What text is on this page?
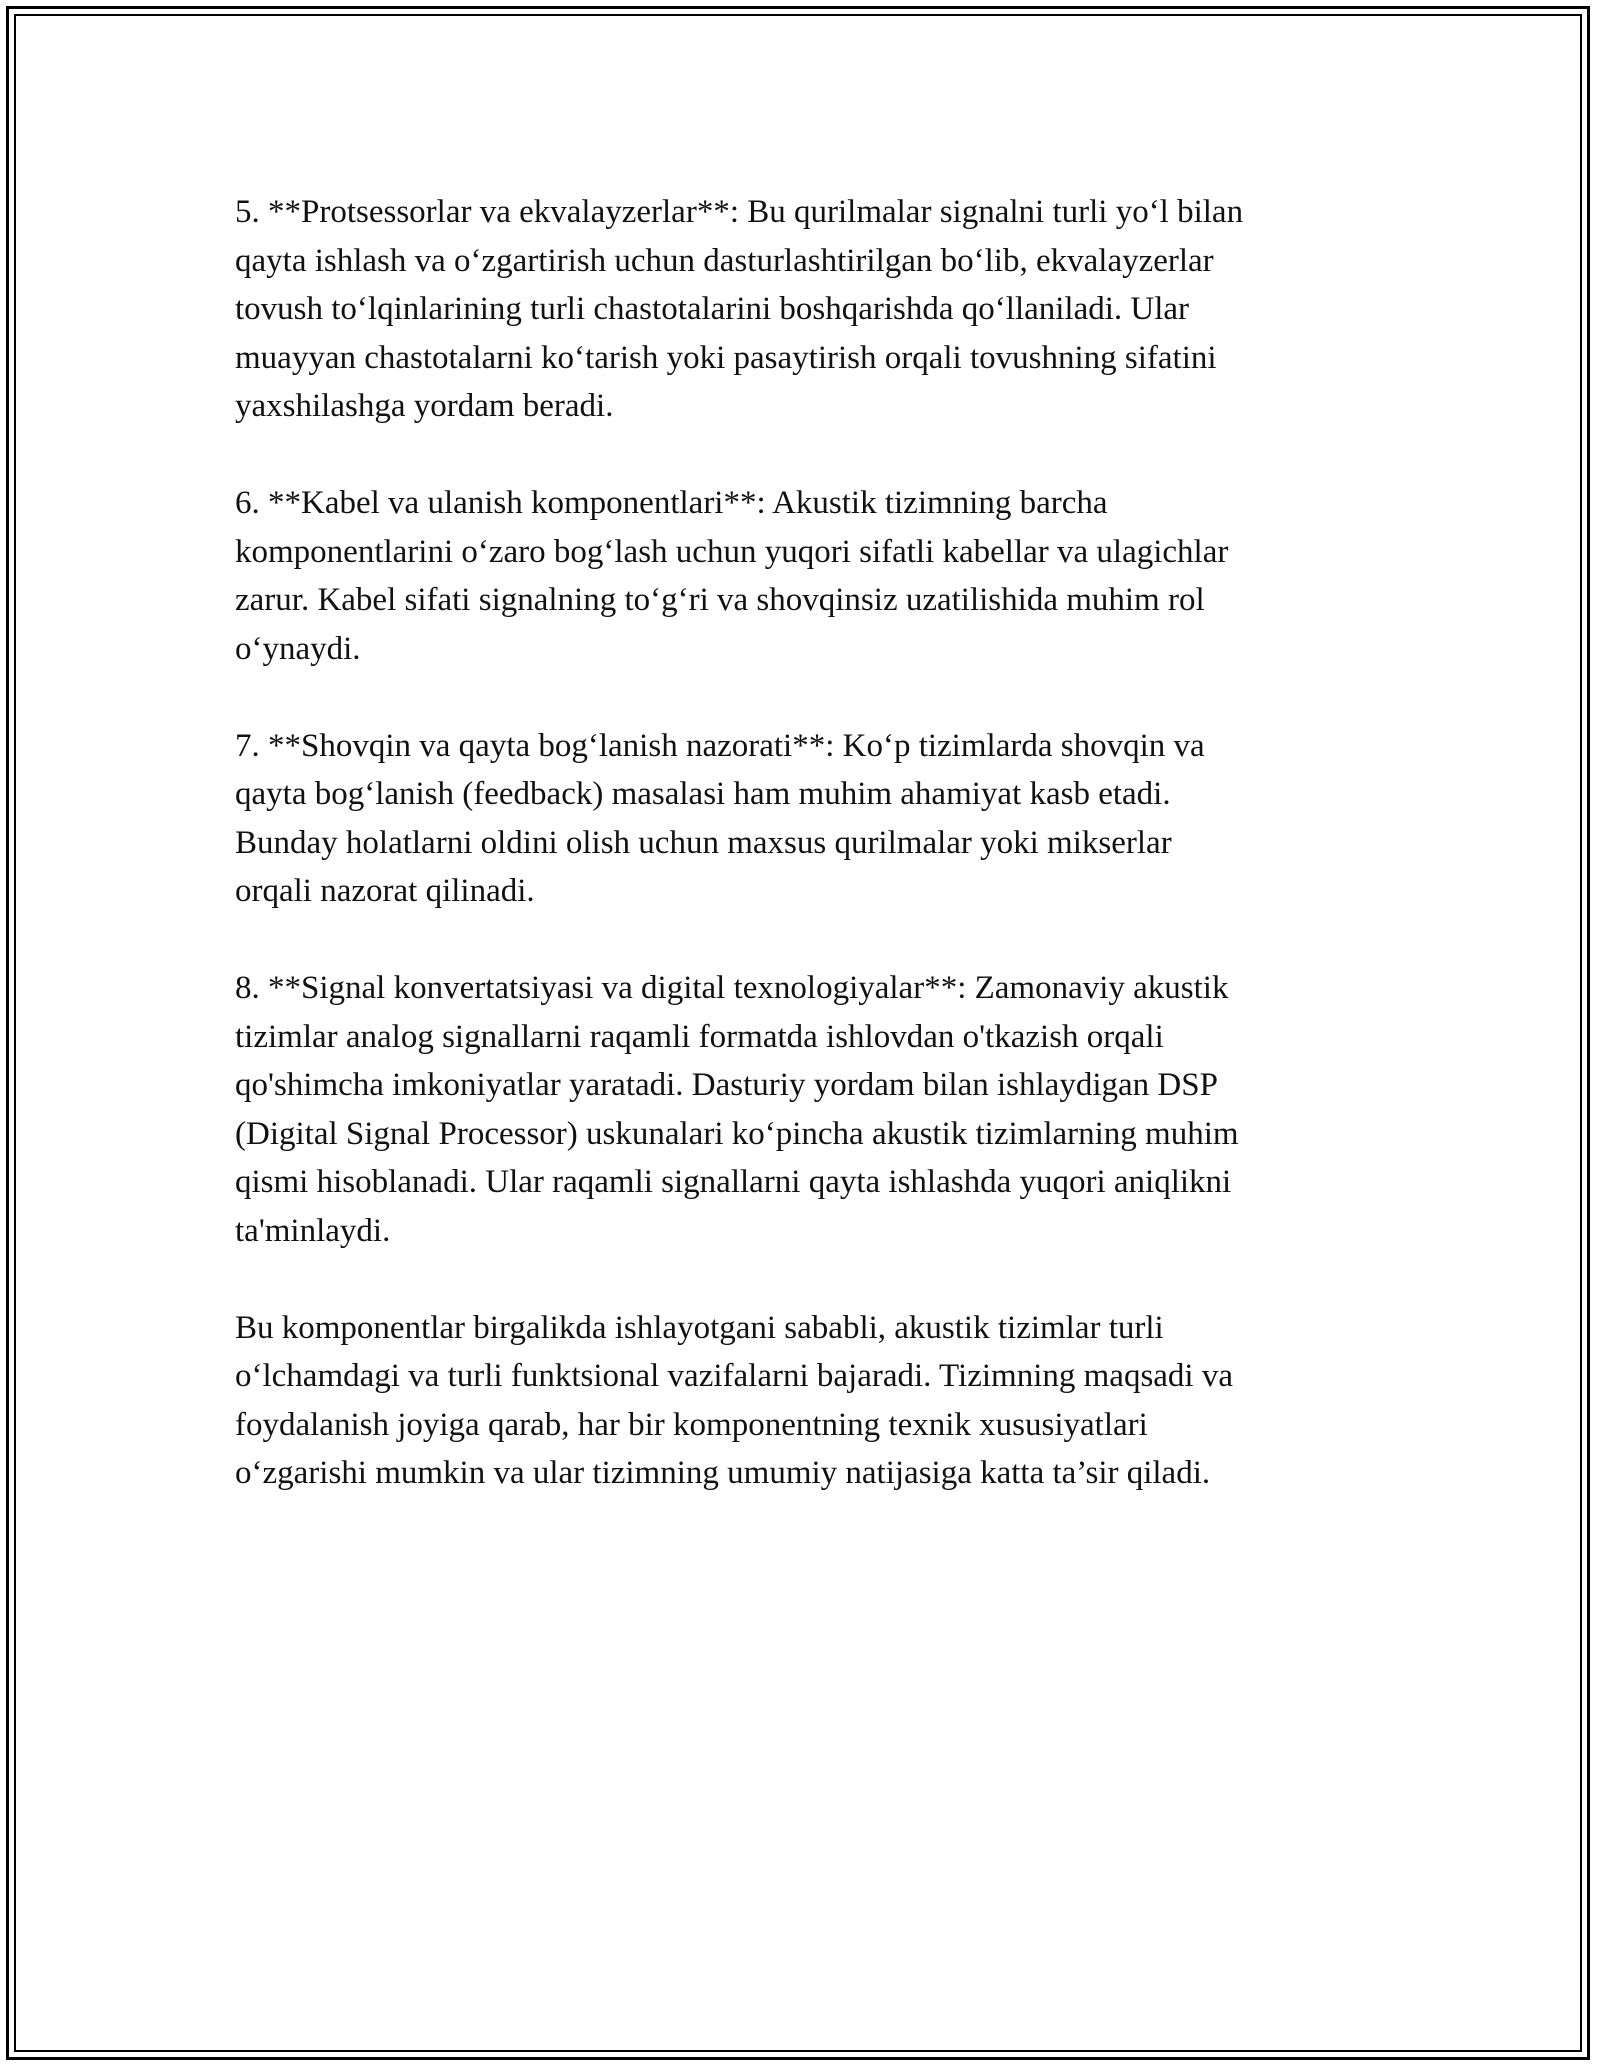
5. **Protsessorlar va ekvalayzerlar**: Bu qurilmalar signalni turli yo‘l bilan
qayta ishlash va o‘zgartirish uchun dasturlashtirilgan bo‘lib, ekvalayzerlar
tovush to‘lqinlarining turli chastotalarini boshqarishda qo‘llaniladi. Ular
muayyan chastotalarni ko‘tarish yoki pasaytirish orqali tovushning sifatini
yaxshilashga yordam beradi.

6. **Kabel va ulanish komponentlari**: Akustik tizimning barcha
komponentlarini o‘zaro bog‘lash uchun yuqori sifatli kabellar va ulagichlar
zarur. Kabel sifati signalning to‘g‘ri va shovqinsiz uzatilishida muhim rol
o‘ynaydi.

7. **Shovqin va qayta bog‘lanish nazorati**: Ko‘p tizimlarda shovqin va
qayta bog‘lanish (feedback) masalasi ham muhim ahamiyat kasb etadi.
Bunday holatlarni oldini olish uchun maxsus qurilmalar yoki mikserlar
orqali nazorat qilinadi.

8. **Signal konvertatsiyasi va digital texnologiyalar**: Zamonaviy akustik
tizimlar analog signallarni raqamli formatda ishlovdan o'tkazish orqali
qo'shimcha imkoniyatlar yaratadi. Dasturiy yordam bilan ishlaydigan DSP
(Digital Signal Processor) uskunalari ko‘pincha akustik tizimlarning muhim
qismi hisoblanadi. Ular raqamli signallarni qayta ishlashda yuqori aniqlikni
ta'minlaydi.

Bu komponentlar birgalikda ishlayotgani sababli, akustik tizimlar turli
o‘lchamdagi va turli funktsional vazifalarni bajaradi. Tizimning maqsadi va
foydalanish joyiga qarab, har bir komponentning texnik xususiyatlari
o‘zgarishi mumkin va ular tizimning umumiy natijasiga katta ta’sir qiladi.
